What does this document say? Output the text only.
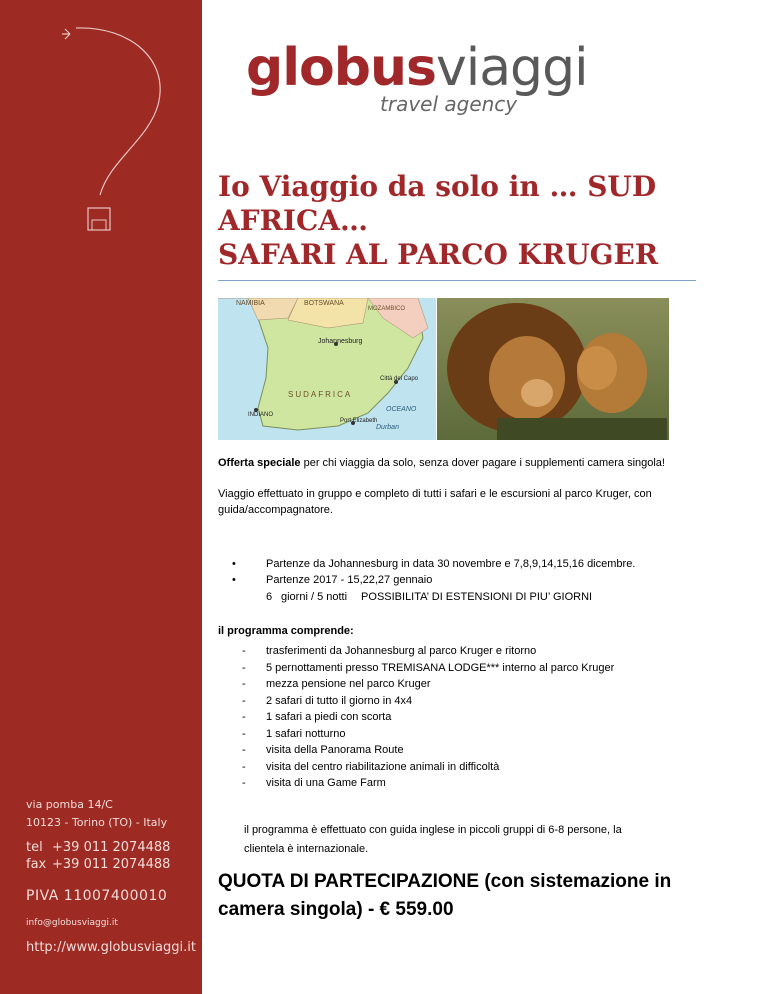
via pomba 14/C
10123 - Torino (TO) - Italy
tel +39 011 2074488
fax +39 011 2074488
PIVA 11007400010
info@globusviaggi.it
http://www.globusviaggi.it
globusviaggi
travel agency
Io Viaggio da solo in … SUD
AFRICA…
SAFARI AL PARCO KRUGER
NAMIBIA	BOTSWANA
MOZAMBICO
Johannesburg
Città del Capo
SUDAFRICA
OCEANO
INDIANO
Port Elizabeth
Durban
Offerta speciale per chi viaggia da solo, senza dover pagare i supplementi camera singola!
Viaggio effettuato in gruppo e completo di tutti i safari e le escursioni al parco Kruger, con guida/accompagnatore.
•	Partenze da Johannesburg in data 30 novembre e 7,8,9,14,15,16 dicembre.
•	Partenze 2017 - 15,22,27 gennaio
6 giorni / 5 notti POSSIBILITA’ DI ESTENSIONI DI PIU’ GIORNI
il programma comprende:
- trasferimenti da Johannesburg al parco Kruger e ritorno
- 5 pernottamenti presso TREMISANA LODGE*** interno al parco Kruger
- mezza pensione nel parco Kruger
- 2 safari di tutto il giorno in 4x4
- 1 safari a piedi con scorta
- 1 safari notturno
- visita della Panorama Route
- visita del centro riabilitazione animali in difficoltà
- visita di una Game Farm
il programma è effettuato con guida inglese in piccoli gruppi di 6-8 persone, la clientela è internazionale.
QUOTA DI PARTECIPAZIONE (con sistemazione in
camera singola) - € 559.00
